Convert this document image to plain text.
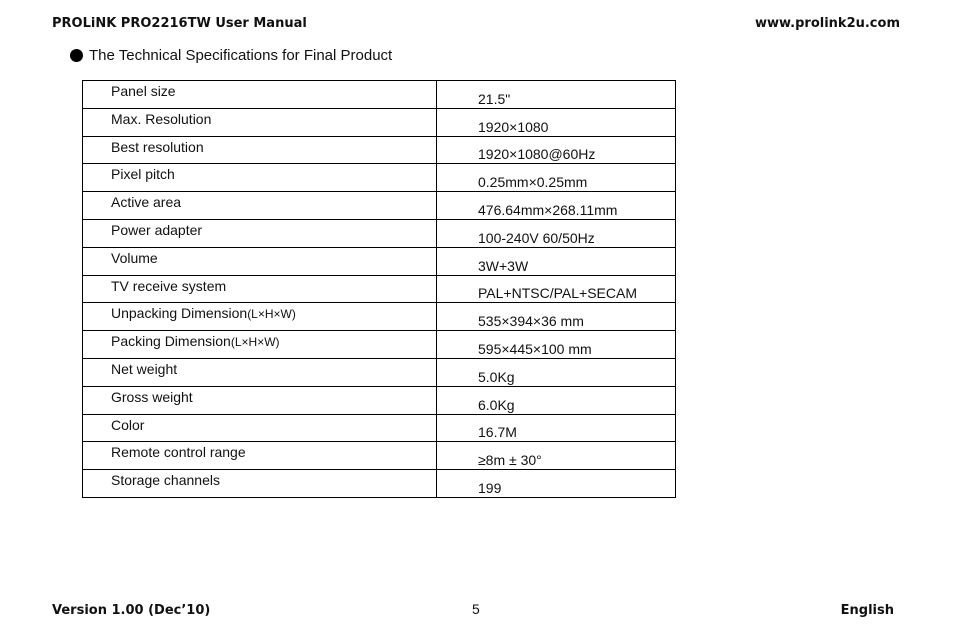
PROLiNK PRO2216TW User Manual	www.prolink2u.com
The Technical Specifications for Final Product
Panel size	21.5"

Max. Resolution	1920×1080

Best resolution	1920×1080@60Hz

Pixel pitch	0.25mm×0.25mm

Active area	476.64mm×268.11mm

Power adapter	100-240V 60/50Hz

Volume	3W+3W

TV receive system	PAL+NTSC/PAL+SECAM

Unpacking Dimension(L×H×W)	535×394×36 mm

Packing Dimension(L×H×W)	595×445×100 mm

Net weight	5.0Kg

Gross weight	6.0Kg

Color	16.7M

Remote control range	≥8m ± 30°

Storage channels	199
Version 1.00 (Dec’10)	5	English
